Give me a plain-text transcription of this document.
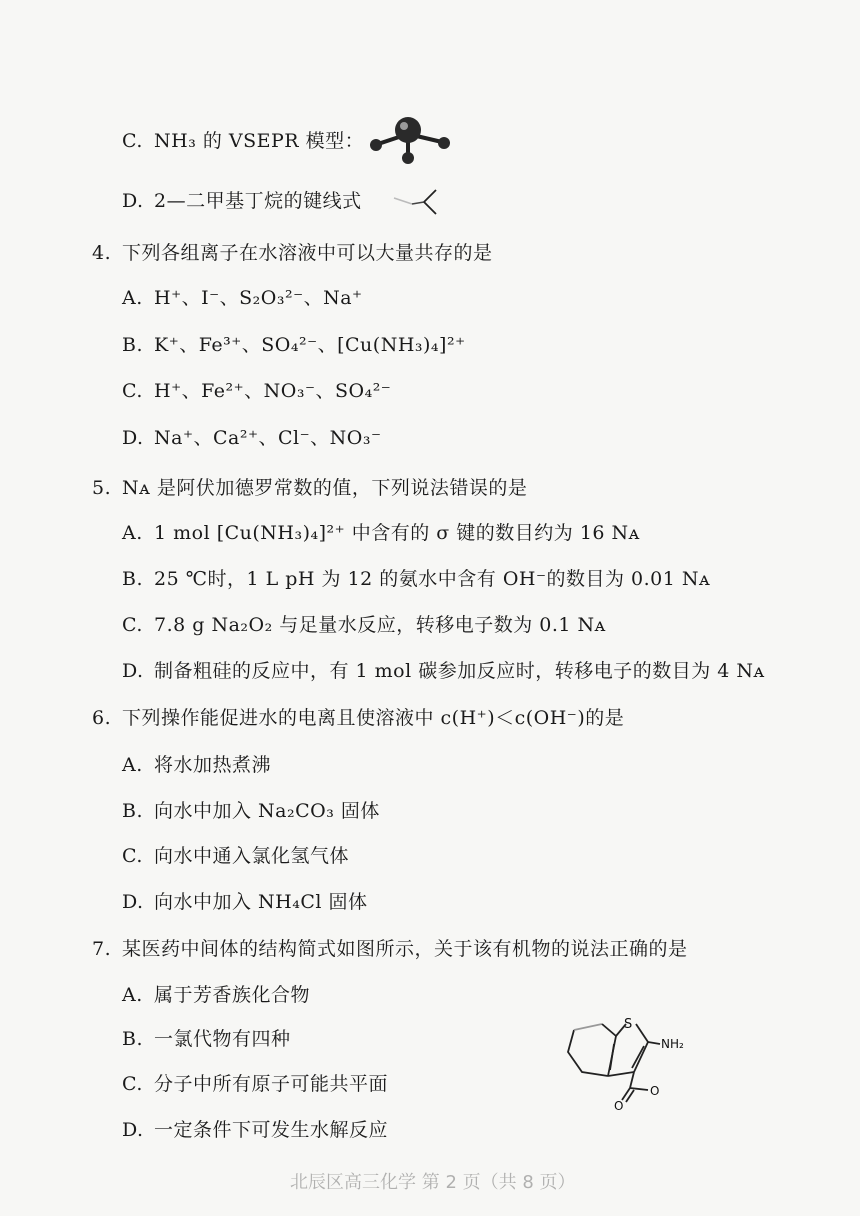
C. NH₃ 的 VSEPR 模型：
D. 2—二甲基丁烷的键线式
4. 下列各组离子在水溶液中可以大量共存的是
A. H⁺、I⁻、S₂O₃²⁻、Na⁺
B. K⁺、Fe³⁺、SO₄²⁻、[Cu(NH₃)₄]²⁺
C. H⁺、Fe²⁺、NO₃⁻、SO₄²⁻
D. Na⁺、Ca²⁺、Cl⁻、NO₃⁻
5. Nᴀ 是阿伏加德罗常数的值，下列说法错误的是
A. 1 mol [Cu(NH₃)₄]²⁺ 中含有的 σ 键的数目约为 16 Nᴀ
B. 25 ℃时，1 L pH 为 12 的氨水中含有 OH⁻的数目为 0.01 Nᴀ
C. 7.8 g Na₂O₂ 与足量水反应，转移电子数为 0.1 Nᴀ
D. 制备粗硅的反应中，有 1 mol 碳参加反应时，转移电子的数目为 4 Nᴀ
6. 下列操作能促进水的电离且使溶液中 c(H⁺)＜c(OH⁻)的是
A. 将水加热煮沸
B. 向水中加入 Na₂CO₃ 固体
C. 向水中通入氯化氢气体
D. 向水中加入 NH₄Cl 固体
7. 某医药中间体的结构简式如图所示，关于该有机物的说法正确的是
A. 属于芳香族化合物
B. 一氯代物有四种
C. 分子中所有原子可能共平面
D. 一定条件下可发生水解反应
S
NH₂
O
O
北辰区高三化学 第 2 页（共 8 页）
